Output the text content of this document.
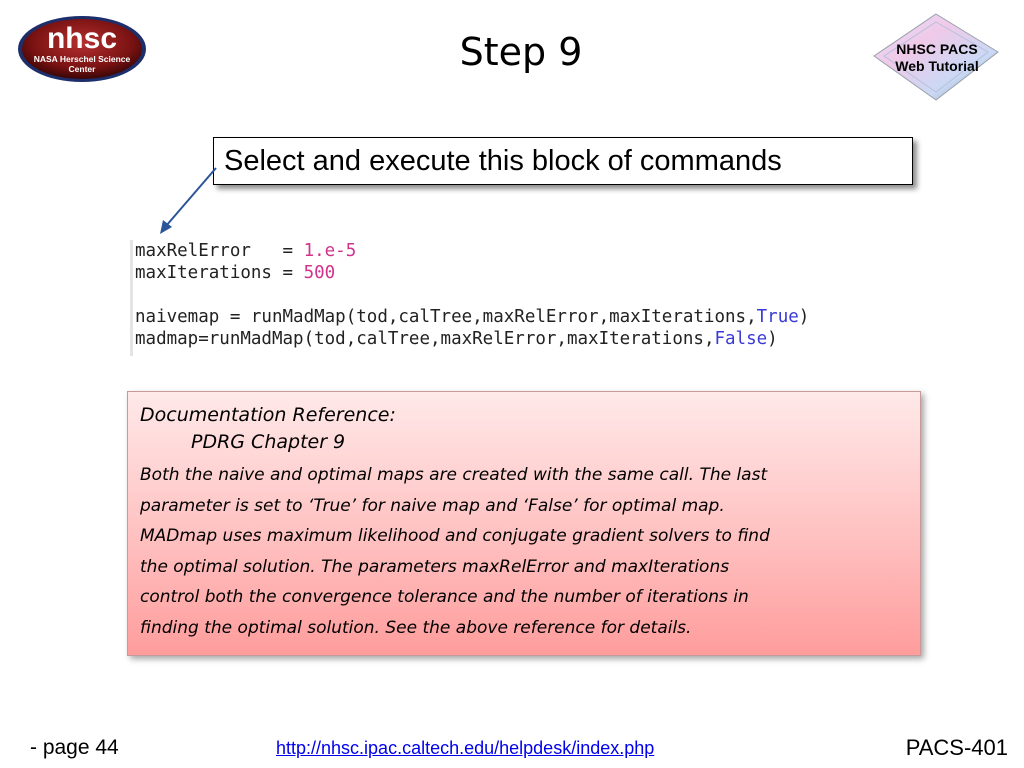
nhsc
NASA Herschel Science
Center	Step 9	NHSC PACS
Web Tutorial
Select and execute this block of commands
maxRelError   = 1.e-5
maxIterations = 500
naivemap = runMadMap(tod,calTree,maxRelError,maxIterations,True)
madmap=runMadMap(tod,calTree,maxRelError,maxIterations,False)
Documentation Reference:
PDRG Chapter 9
Both the naive and optimal maps are created with the same call. The last
parameter is set to ‘True’ for naive map and ‘False’ for optimal map.
MADmap uses maximum likelihood and conjugate gradient solvers to find
the optimal solution. The parameters maxRelError and maxIterations
control both the convergence tolerance and the number of iterations in
finding the optimal solution. See the above reference for details.
- page 44	http://nhsc.ipac.caltech.edu/helpdesk/index.php	PACS-401
